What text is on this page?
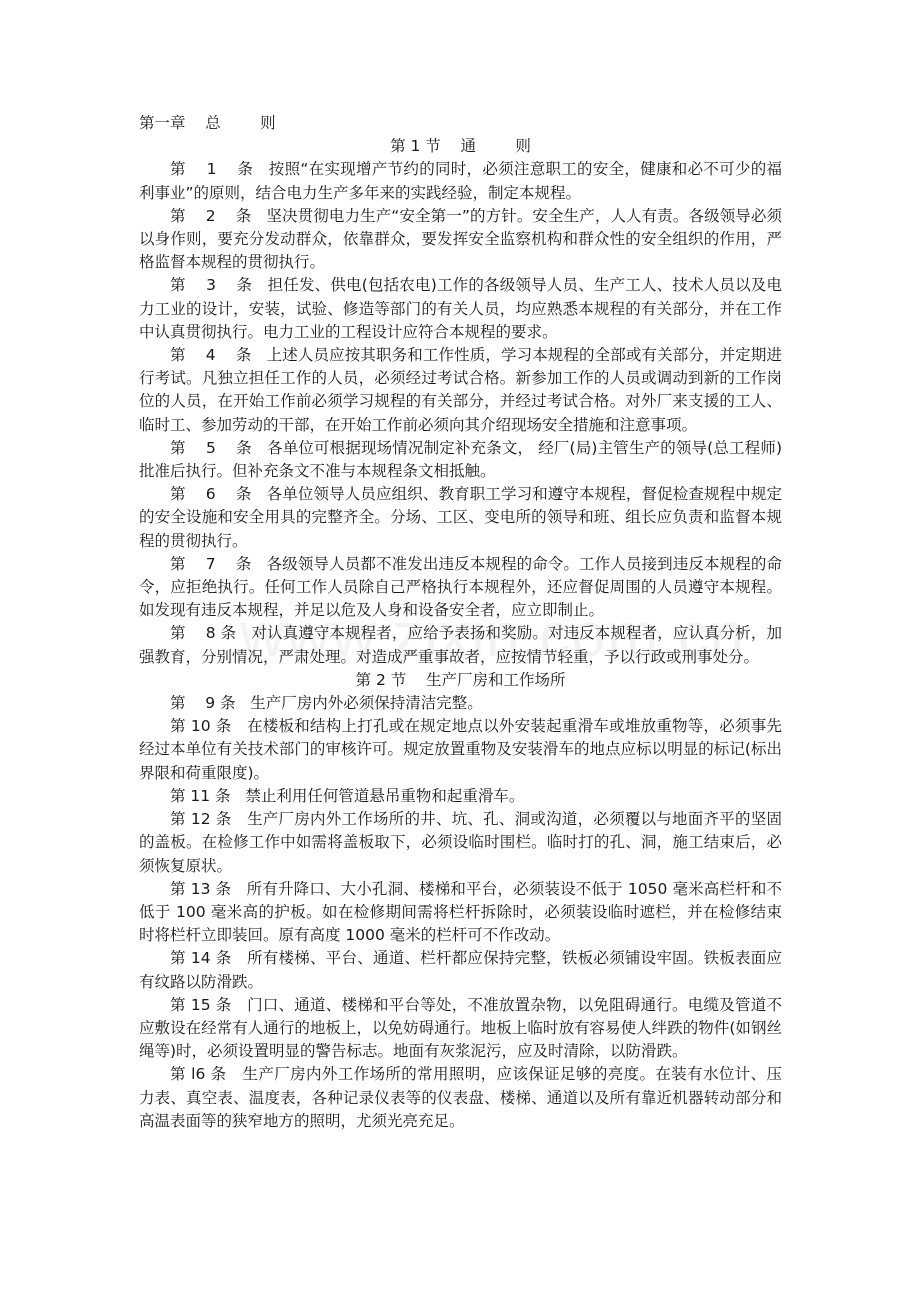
第一章    总        则
第 1 节    通        则

第    1    条 按照“在实现增产节约的同时，必须注意职工的安全，健康和必不可少的福利事业”的原则，结合电力生产多年来的实践经验，制定本规程。

第    2    条 坚决贯彻电力生产“安全第一”的方针。安全生产，人人有责。各级领导必须以身作则，要充分发动群众，依靠群众，要发挥安全监察机构和群众性的安全组织的作用，严格监督本规程的贯彻执行。

第    3    条 担任发、供电(包括农电)工作的各级领导人员、生产工人、技术人员以及电力工业的设计，安装，试验、修造等部门的有关人员，均应熟悉本规程的有关部分，并在工作中认真贯彻执行。电力工业的工程设计应符合本规程的要求。

第    4    条 上述人员应按其职务和工作性质，学习本规程的全部或有关部分，并定期进行考试。凡独立担任工作的人员，必须经过考试合格。新参加工作的人员或调动到新的工作岗位的人员，在开始工作前必须学习规程的有关部分，并经过考试合格。对外厂来支援的工人、临时工、参加劳动的干部，在开始工作前必须向其介绍现场安全措施和注意事项。

第    5    条 各单位可根据现场情况制定补充条文， 经厂(局)主管生产的领导(总工程师)批准后执行。但补充条文不准与本规程条文相抵触。

第    6    条 各单位领导人员应组织、教育职工学习和遵守本规程，督促检查规程中规定的安全设施和安全用具的完整齐全。分场、工区、变电所的领导和班、组长应负责和监督本规程的贯彻执行。

第    7    条 各级领导人员都不准发出违反本规程的命令。工作人员接到违反本规程的命令，应拒绝执行。任何工作人员除自己严格执行本规程外，还应督促周围的人员遵守本规程。如发现有违反本规程，并足以危及人身和设备安全者，应立即制止。

第    8 条 对认真遵守本规程者，应给予表扬和奖励。对违反本规程者，应认真分析，加强教育，分别情况，严肃处理。对造成严重事故者，应按情节轻重，予以行政或刑事处分。

第 2 节    生产厂房和工作场所

第    9 条 生产厂房内外必须保持清洁完整。

第 10 条 在楼板和结构上打孔或在规定地点以外安装起重滑车或堆放重物等，必须事先经过本单位有关技术部门的审核许可。规定放置重物及安装滑车的地点应标以明显的标记(标出界限和荷重限度)。

第 11 条 禁止利用任何管道悬吊重物和起重滑车。

第 12 条 生产厂房内外工作场所的井、坑、孔、洞或沟道，必须覆以与地面齐平的坚固的盖板。在检修工作中如需将盖板取下，必须设临时围栏。临时打的孔、洞，施工结束后，必须恢复原状。

第 13 条 所有升降口、大小孔洞、楼梯和平台，必须装设不低于 1050 毫米高栏杆和不低于 100 毫米高的护板。如在检修期间需将栏杆拆除时，必须装设临时遮栏，并在检修结束时将栏杆立即装回。原有高度 1000 毫米的栏杆可不作改动。

第 14 条 所有楼梯、平台、通道、栏杆都应保持完整，铁板必须铺设牢固。铁板表面应有纹路以防滑跌。

第 15 条 门口、通道、楼梯和平台等处，不准放置杂物，以免阻碍通行。电缆及管道不应敷设在经常有人通行的地板上，以免妨碍通行。地板上临时放有容易使人绊跌的物件(如钢丝绳等)时，必须设置明显的警告标志。地面有灰浆泥污，应及时清除，以防滑跌。

第 l6 条 生产厂房内外工作场所的常用照明，应该保证足够的亮度。在装有水位计、压力表、真空表、温度表，各种记录仪表等的仪表盘、楼梯、通道以及所有靠近机器转动部分和高温表面等的狭窄地方的照明，尤须光亮充足。
